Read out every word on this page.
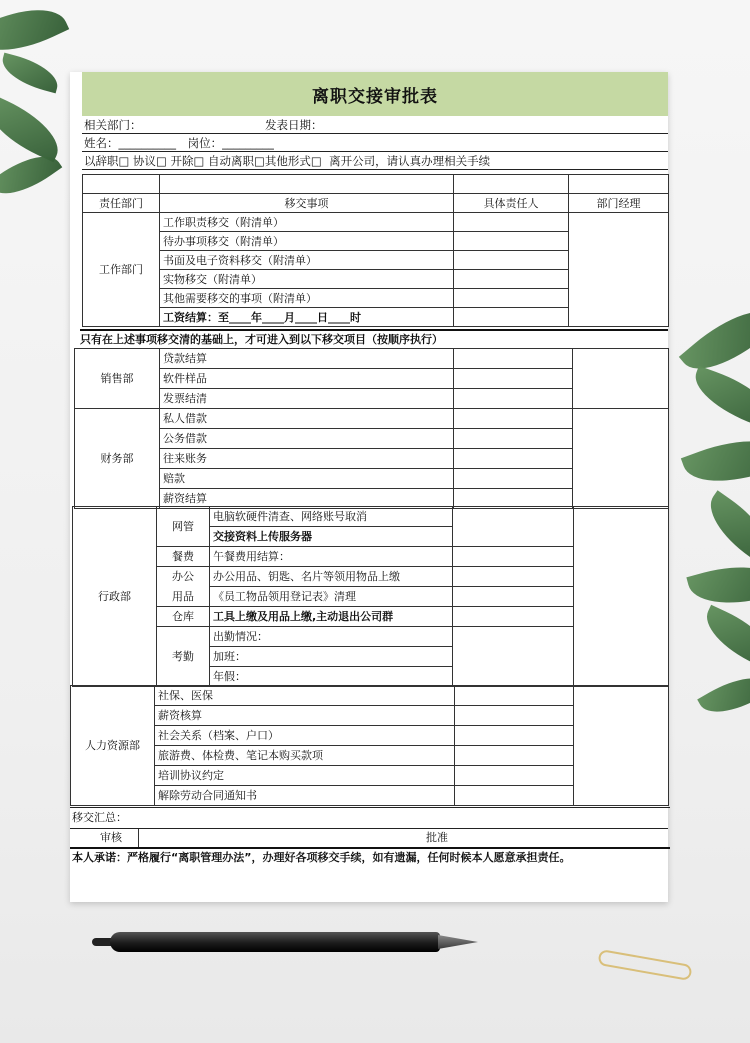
离职交接审批表
相关部门：	发表日期：
姓名：__________ 岗位：_________
以辞职□ 协议□ 开除□ 自动离职□其他形式□  离开公司，请认真办理相关手续

责任部门	移交事项	具体责任人	部门经理
工作部门	工作职责移交（附清单）		
	待办事项移交（附清单）		
	书面及电子资料移交（附清单）		
	实物移交（附清单）		
	其他需要移交的事项（附清单）		
	工资结算：至____年____月____日____时		
只有在上述事项移交清的基础上，才可进入到以下移交项目（按顺序执行）
销售部	贷款结算		
	软件样品		
	发票结清		
财务部	私人借款		
	公务借款		
	往来账务		
	赔款		
	薪资结算		
行政部	网管	电脑软硬件清查、网络账号取消		
		交接资料上传服务器		
	餐费	午餐费用结算：		
	办公	办公用品、钥匙、名片等领用物品上缴		
	用品	《员工物品领用登记表》清理		
	仓库	工具上缴及用品上缴,主动退出公司群		
	考勤	出勤情况：		
		加班：		
		年假：		
人力资源部	社保、医保		
	薪资核算		
	社会关系（档案、户口）		
	旅游费、体检费、笔记本购买款项		
	培训协议约定		
	解除劳动合同通知书		
移交汇总：
审核	批准
本人承诺：严格履行“离职管理办法”，办理好各项移交手续，如有遗漏，任何时候本人愿意承担责任。
